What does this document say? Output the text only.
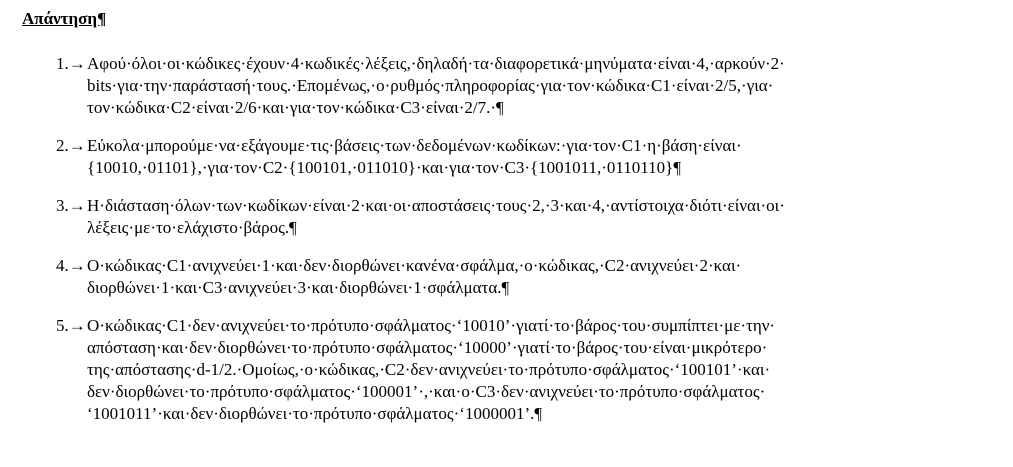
Απάντηση¶
1.→ Αφού·όλοι·οι·κώδικες·έχουν·4·κωδικές·λέξεις,·δηλαδή·τα·διαφορετικά·μηνύματα·είναι·4,·αρκούν·2·
bits·για·την·παράστασή·τους.·Επομένως,·ο·ρυθμός·πληροφορίας·για·τον·κώδικα·C1·είναι·2/5,·για·
τον·κώδικα·C2·είναι·2/6·και·για·τον·κώδικα·C3·είναι·2/7.·¶
2.→ Εύκολα·μπορούμε·να·εξάγουμε·τις·βάσεις·των·δεδομένων·κωδίκων:·για·τον·C1·η·βάση·είναι·
{10010,·01101},·για·τον·C2·{100101,·011010}·και·για·τον·C3·{1001011,·0110110}¶
3.→ Η·διάσταση·όλων·των·κωδίκων·είναι·2·και·οι·αποστάσεις·τους·2,·3·και·4,·αντίστοιχα·διότι·είναι·οι·
λέξεις·με·το·ελάχιστο·βάρος.¶
4.→ Ο·κώδικας·C1·ανιχνεύει·1·και·δεν·διορθώνει·κανένα·σφάλμα,·ο·κώδικας,·C2·ανιχνεύει·2·και·
διορθώνει·1·και·C3·ανιχνεύει·3·και·διορθώνει·1·σφάλματα.¶
5.→ Ο·κώδικας·C1·δεν·ανιχνεύει·το·πρότυπο·σφάλματος·‘10010’·γιατί·το·βάρος·του·συμπίπτει·με·την·
απόσταση·και·δεν·διορθώνει·το·πρότυπο·σφάλματος·‘10000’·γιατί·το·βάρος·του·είναι·μικρότερο·
της·απόστασης·d-1/2.·Ομοίως,·ο·κώδικας,·C2·δεν·ανιχνεύει·το·πρότυπο·σφάλματος·‘100101’·και·
δεν·διορθώνει·το·πρότυπο·σφάλματος·‘100001’·,·και·ο·C3·δεν·ανιχνεύει·το·πρότυπο·σφάλματος·
‘1001011’·και·δεν·διορθώνει·το·πρότυπο·σφάλματος·‘1000001’.¶
